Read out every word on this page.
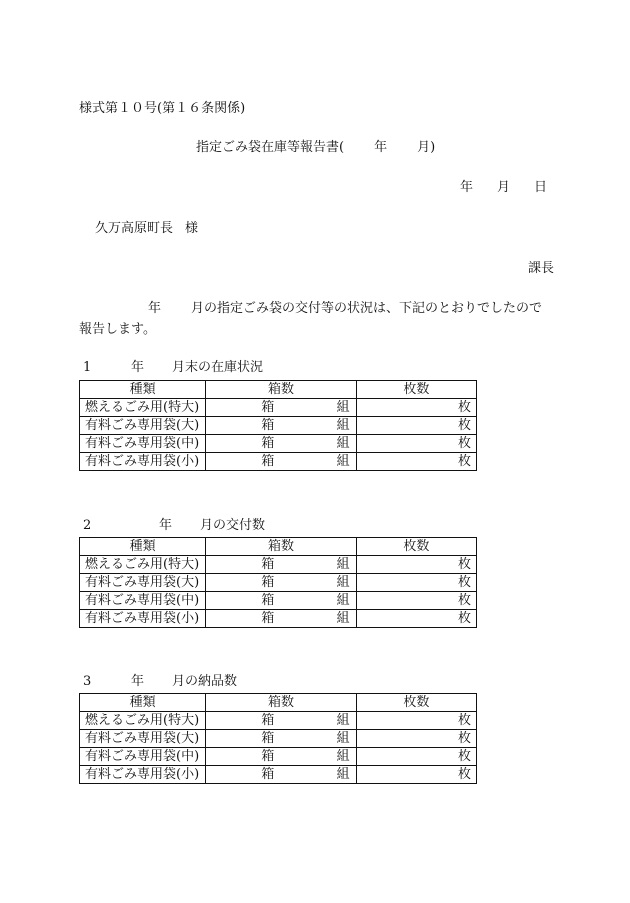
様式第１０号(第１６条関係)
指定ごみ袋在庫等報告書( 年 月)
年 月 日
久万高原町長 様
課長
年 月の指定ごみ袋の交付等の状況は、下記のとおりでしたので
報告します。
1	年 月末の在庫状況
2	年 月の交付数
3	年 月の納品数
種類	箱数	枚数
燃えるごみ用(特大)	箱 組	枚
有料ごみ専用袋(大)	箱 組	枚
有料ごみ専用袋(中)	箱 組	枚
有料ごみ専用袋(小)	箱 組	枚
種類	箱数	枚数
燃えるごみ用(特大)	箱 組	枚
有料ごみ専用袋(大)	箱 組	枚
有料ごみ専用袋(中)	箱 組	枚
有料ごみ専用袋(小)	箱 組	枚
種類	箱数	枚数
燃えるごみ用(特大)	箱 組	枚
有料ごみ専用袋(大)	箱 組	枚
有料ごみ専用袋(中)	箱 組	枚
有料ごみ専用袋(小)	箱 組	枚
